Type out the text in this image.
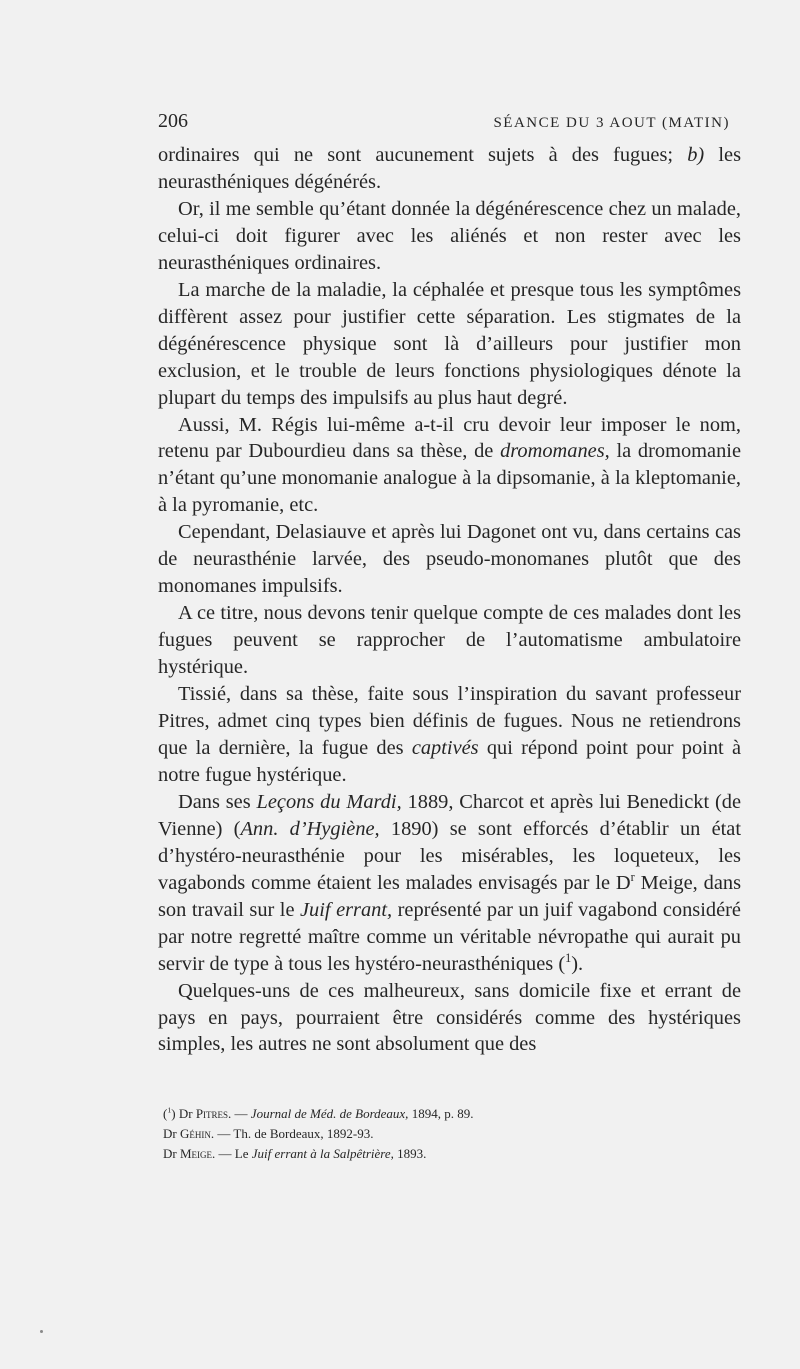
206	SÉANCE DU 3 AOUT (MATIN)

ordinaires qui ne sont aucunement sujets à des fugues; b) les neurasthéniques dégénérés.

Or, il me semble qu’étant donnée la dégénérescence chez un malade, celui-ci doit figurer avec les aliénés et non rester avec les neurasthéniques ordinaires.

La marche de la maladie, la céphalée et presque tous les symptômes diffèrent assez pour justifier cette séparation. Les stigmates de la dégénérescence physique sont là d’ailleurs pour justifier mon exclusion, et le trouble de leurs fonctions physiologiques dénote la plupart du temps des impulsifs au plus haut degré.

Aussi, M. Régis lui-même a-t-il cru devoir leur imposer le nom, retenu par Dubourdieu dans sa thèse, de dromomanes, la dromomanie n’étant qu’une monomanie analogue à la dipsomanie, à la kleptomanie, à la pyromanie, etc.

Cependant, Delasiauve et après lui Dagonet ont vu, dans certains cas de neurasthénie larvée, des pseudo-monomanes plutôt que des monomanes impulsifs.

A ce titre, nous devons tenir quelque compte de ces malades dont les fugues peuvent se rapprocher de l’automatisme ambulatoire hystérique.

Tissié, dans sa thèse, faite sous l’inspiration du savant professeur Pitres, admet cinq types bien définis de fugues. Nous ne retiendrons que la dernière, la fugue des captivés qui répond point pour point à notre fugue hystérique.

Dans ses Leçons du Mardi, 1889, Charcot et après lui Benedickt (de Vienne) (Ann. d’Hygiène, 1890) se sont efforcés d’établir un état d’hystéro-neurasthénie pour les misérables, les loqueteux, les vagabonds comme étaient les malades envisagés par le $D^r$ Meige, dans son travail sur le Juif errant, représenté par un juif vagabond considéré par notre regretté maître comme un véritable névropathe qui aurait pu servir de type à tous les hystéro-neurasthéniques ($^1$).

Quelques-uns de ces malheureux, sans domicile fixe et errant de pays en pays, pourraient être considérés comme des hystériques simples, les autres ne sont absolument que des

($^1$) Dr Pitres. — Journal de Méd. de Bordeaux, 1894, p. 89.

Dr Géhin. — Th. de Bordeaux, 1892-93.

Dr Meige. — Le Juif errant à la Salpêtrière, 1893.
